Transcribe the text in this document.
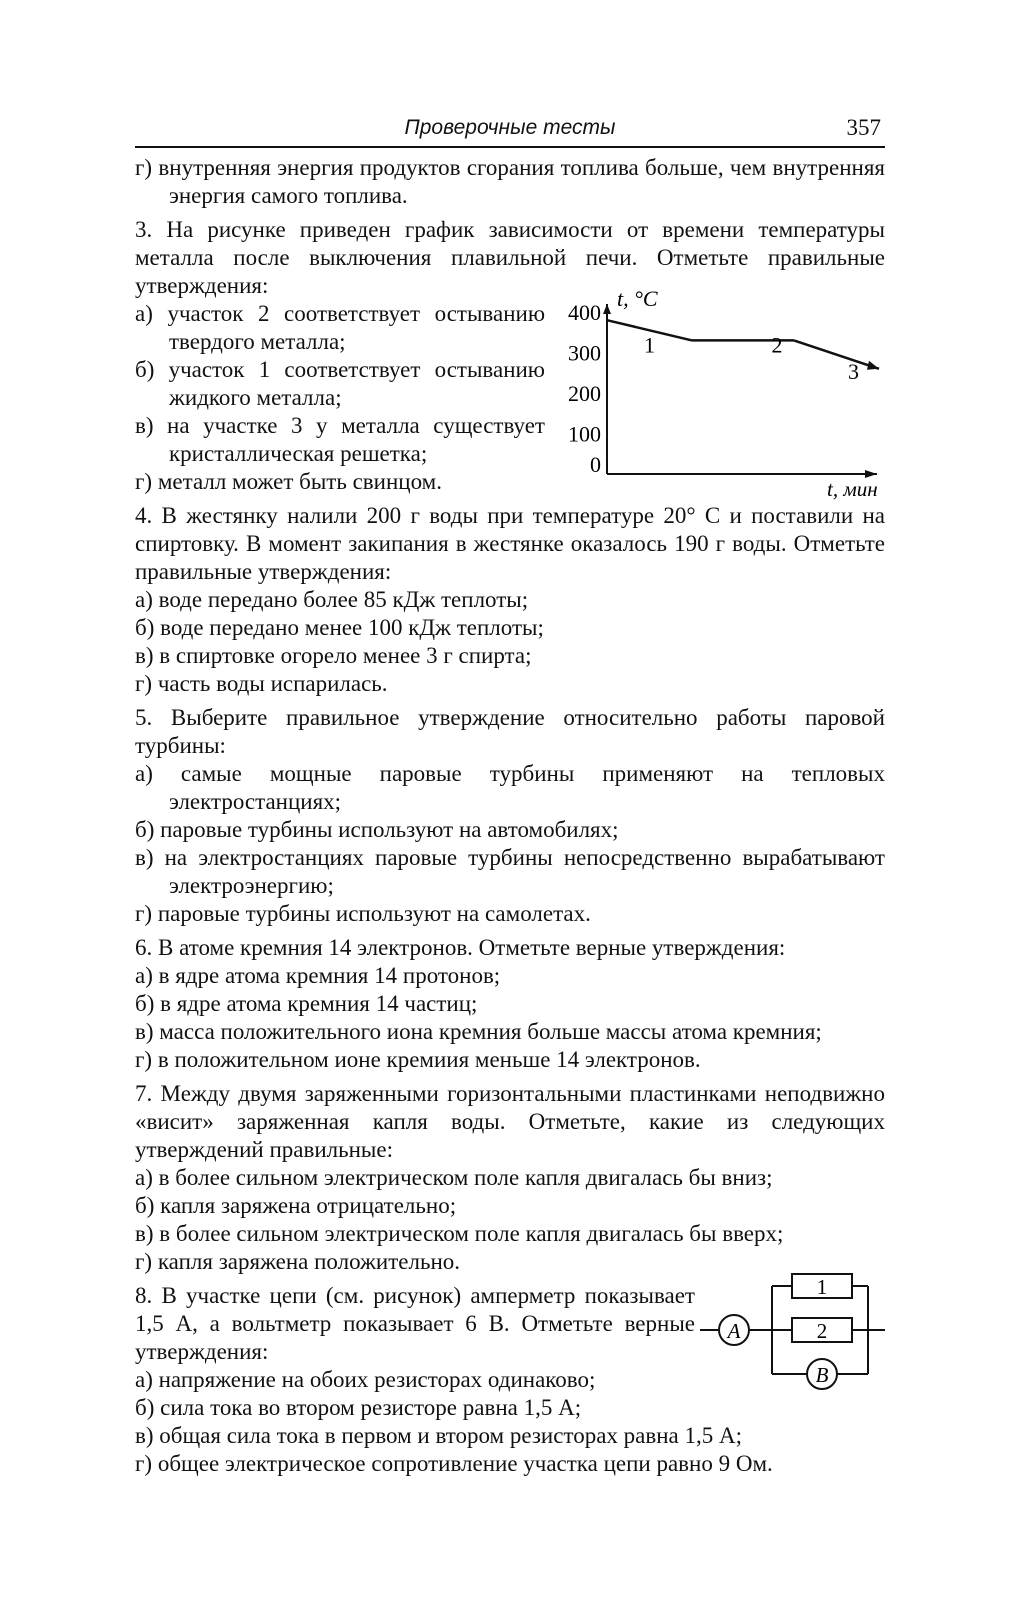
Проверочные тесты	357

г) внутренняя энергия продуктов сгорания топлива больше, чем внутренняя энергия самого топлива.

3. На рисунке приведен график зависимости от времени температуры металла после выключения плавильной печи. Отметьте правильные утверждения:

а) участок 2 соответствует остыванию твердого металла;

б) участок 1 соответствует остыванию жидкого металла;

в) на участке 3 у металла существует кристаллическая решетка;

г) металл может быть свинцом.

400
300
200
100
0
1	2
3
t, °C
t, мин

4. В жестянку налили 200 г воды при температуре 20° С и поставили на спиртовку. В момент закипания в жестянке оказалось 190 г воды. Отметьте правильные утверждения:

а) воде передано более 85 кДж теплоты;

б) воде передано менее 100 кДж теплоты;

в) в спиртовке огорело менее 3 г спирта;

г) часть воды испарилась.

5. Выберите правильное утверждение относительно работы паровой турбины:

а) самые мощные паровые турбины применяют на тепловых электростанциях;

б) паровые турбины используют на автомобилях;

в) на электростанциях паровые турбины непосредственно вырабатывают электроэнергию;

г) паровые турбины используют на самолетах.

6. В атоме кремния 14 электронов. Отметьте верные утверждения:

а) в ядре атома кремния 14 протонов;

б) в ядре атома кремния 14 частиц;

в) масса положительного иона кремния больше массы атома кремния;

г) в положительном ионе кремиия меньше 14 электронов.

7. Между двумя заряженными горизонтальными пластинками неподвижно «висит» заряженная капля воды. Отметьте, какие из следующих утверждений правильные:

а) в более сильном электрическом поле капля двигалась бы вниз;

б) капля заряжена отрицательно;

в) в более сильном электрическом поле капля двигалась бы вверх;

г) капля заряжена положительно.

8. В участке цепи (см. рисунок) амперметр показывает 1,5 А, а вольтметр показывает 6 В. Отметьте верные утверждения:

A
B
1
2

а) напряжение на обоих резисторах одинаково;

б) сила тока во втором резисторе равна 1,5 А;

в) общая сила тока в первом и втором резисторах равна 1,5 А;

г) общее электрическое сопротивление участка цепи равно 9 Ом.
